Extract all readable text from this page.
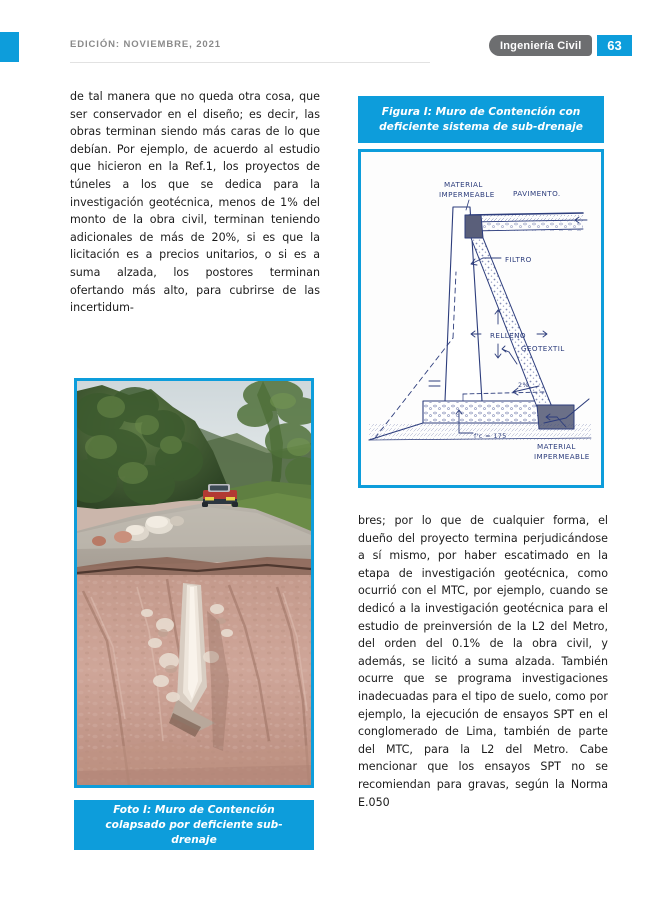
EDICIÓN: NOVIEMBRE, 2021	Ingeniería Civil	63

de tal manera que no queda otra cosa, que ser conservador en el diseño; es decir, las obras terminan siendo más caras de lo que debían. Por ejemplo, de acuerdo al estudio que hicieron en la Ref.1, los proyectos de túneles a los que se dedica para la investigación geotécnica, menos de 1% del monto de la obra civil, terminan teniendo adicionales de más de 20%, si es que la licitación es a precios unitarios, o si es a suma alzada, los postores terminan ofertando más alto, para cubrirse de las incertidum-

Figura I: Muro de Contención con deficiente sistema de sub-drenaje
MATERIAL
IMPERMEABLE	PAVIMENTO.
FILTRO
RELLENO
GEOTEXTIL
2%
f'c = 175
MATERIAL
IMPERMEABLE
Foto I: Muro de Contención colapsado por deficiente sub-drenaje

bres; por lo que de cualquier forma, el dueño del proyecto termina perjudicándose a sí mismo, por haber escatimado en la etapa de investigación geotécnica, como ocurrió con el MTC, por ejemplo, cuando se dedicó a la investigación geotécnica para el estudio de preinversión de la L2 del Metro, del orden del 0.1% de la obra civil, y además, se licitó a suma alzada. También ocurre que se programa investigaciones inadecuadas para el tipo de suelo, como por ejemplo, la ejecución de ensayos SPT en el conglomerado de Lima, también de parte del MTC, para la L2 del Metro. Cabe mencionar que los ensayos SPT no se recomiendan para gravas, según la Norma E.050
